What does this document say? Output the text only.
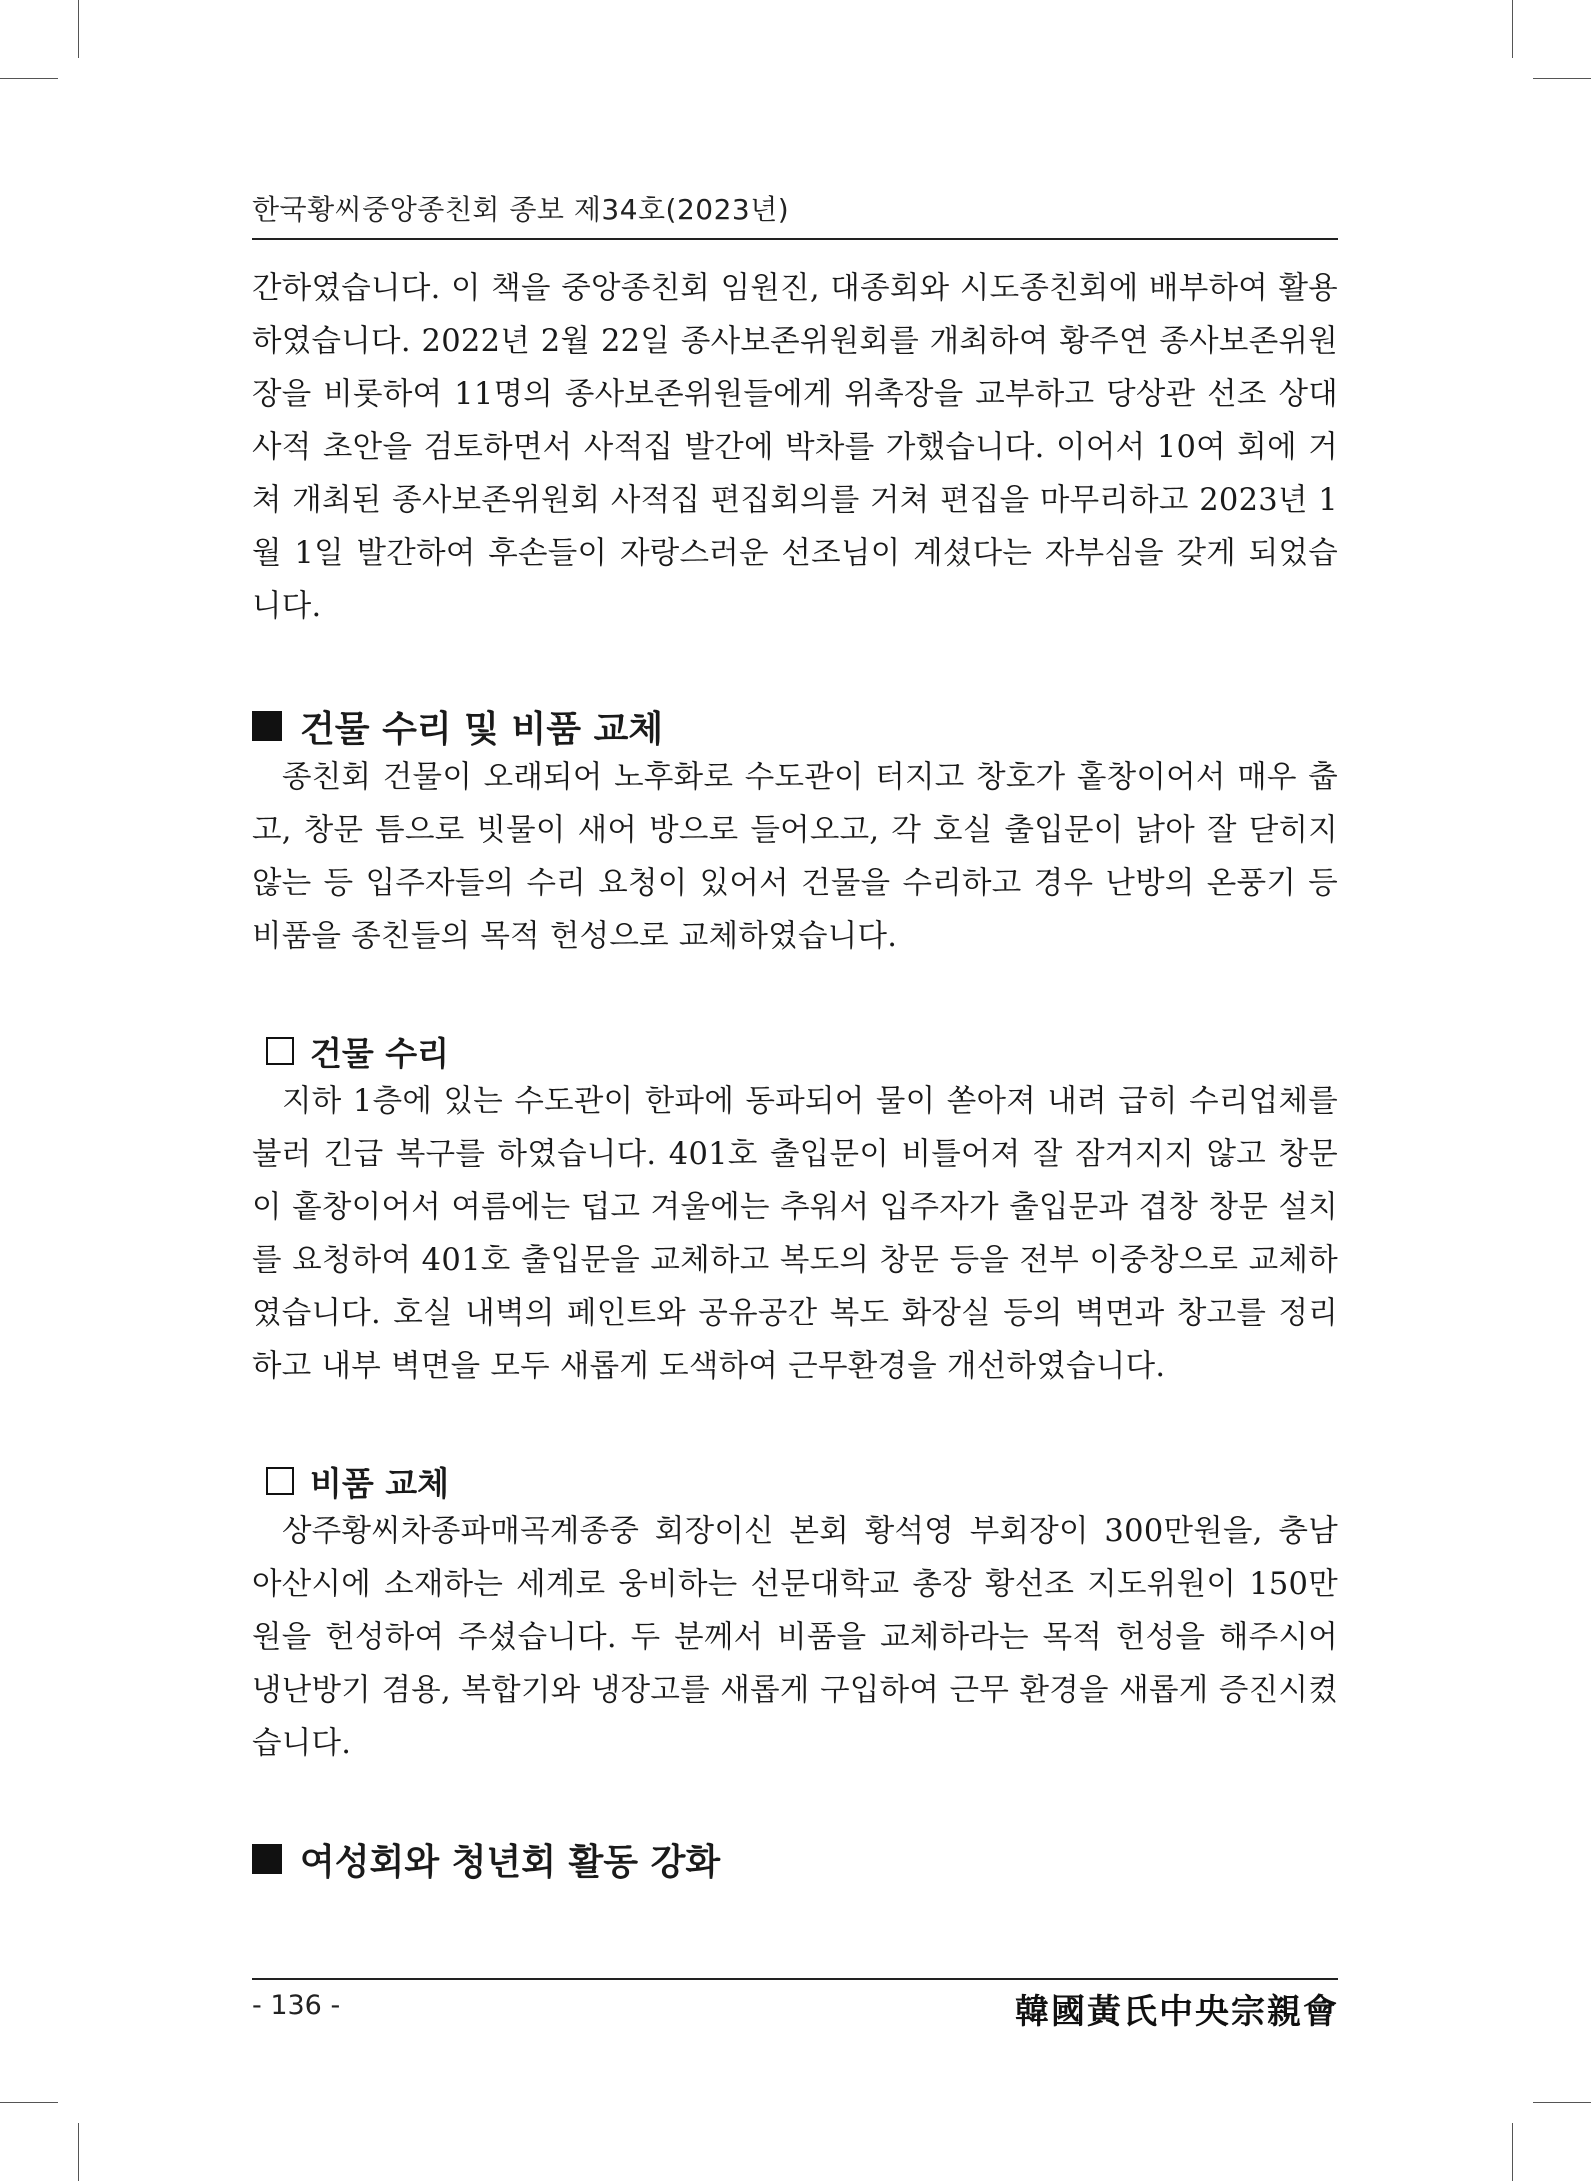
한국황씨중앙종친회 종보 제34호(2023년)

간하였습니다. 이 책을 중앙종친회 임원진, 대종회와 시도종친회에 배부하여 활용하였습니다. 2022년 2월 22일 종사보존위원회를 개최하여 황주연 종사보존위원장을 비롯하여 11명의 종사보존위원들에게 위촉장을 교부하고 당상관 선조 상대 사적 초안을 검토하면서 사적집 발간에 박차를 가했습니다. 이어서 10여 회에 거쳐 개최된 종사보존위원회 사적집 편집회의를 거쳐 편집을 마무리하고 2023년 1월 1일 발간하여 후손들이 자랑스러운 선조님이 계셨다는 자부심을 갖게 되었습니다.

건물 수리 및 비품 교체

종친회 건물이 오래되어 노후화로 수도관이 터지고 창호가 홑창이어서 매우 춥고, 창문 틈으로 빗물이 새어 방으로 들어오고, 각 호실 출입문이 낡아 잘 닫히지 않는 등 입주자들의 수리 요청이 있어서 건물을 수리하고 경우 난방의 온풍기 등 비품을 종친들의 목적 헌성으로 교체하였습니다.

건물 수리

지하 1층에 있는 수도관이 한파에 동파되어 물이 쏟아져 내려 급히 수리업체를 불러 긴급 복구를 하였습니다. 401호 출입문이 비틀어져 잘 잠겨지지 않고 창문이 홑창이어서 여름에는 덥고 겨울에는 추워서 입주자가 출입문과 겹창 창문 설치를 요청하여 401호 출입문을 교체하고 복도의 창문 등을 전부 이중창으로 교체하였습니다. 호실 내벽의 페인트와 공유공간 복도 화장실 등의 벽면과 창고를 정리하고 내부 벽면을 모두 새롭게 도색하여 근무환경을 개선하였습니다.

비품 교체

상주황씨차종파매곡계종중 회장이신 본회 황석영 부회장이 300만원을, 충남 아산시에 소재하는 세계로 웅비하는 선문대학교 총장 황선조 지도위원이 150만원을 헌성하여 주셨습니다. 두 분께서 비품을 교체하라는 목적 헌성을 해주시어 냉난방기 겸용, 복합기와 냉장고를 새롭게 구입하여 근무 환경을 새롭게 증진시켰습니다.

여성회와 청년회 활동 강화
- 136 -	韓國黃氏中央宗親會
